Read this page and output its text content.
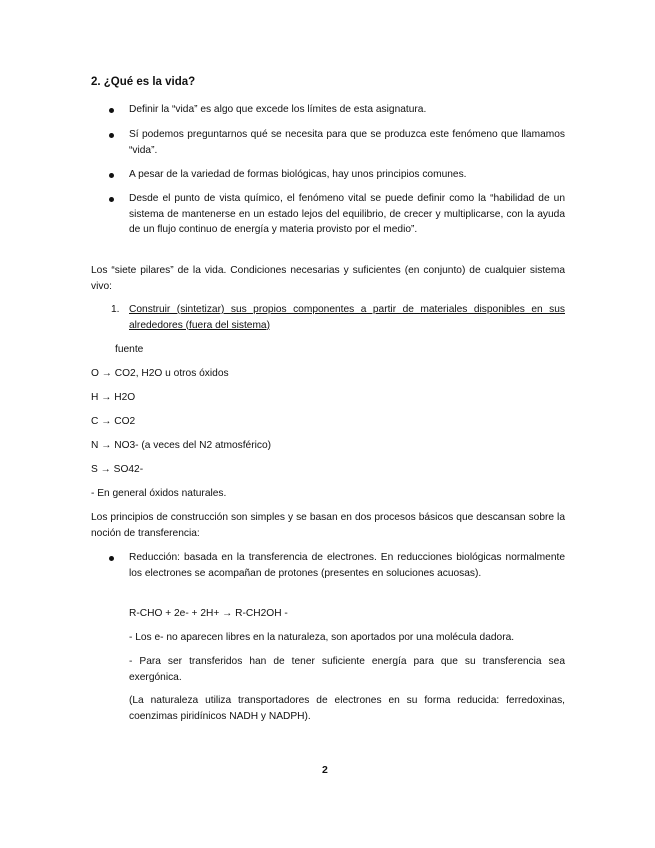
2. ¿Qué es la vida?
Definir la “vida” es algo que excede los límites de esta asignatura.
Sí podemos preguntarnos qué se necesita para que se produzca este fenómeno que llamamos “vida”.
A pesar de la variedad de formas biológicas, hay unos principios comunes.
Desde el punto de vista químico, el fenómeno vital se puede definir como la “habilidad de un sistema de mantenerse en un estado lejos del equilibrio, de crecer y multiplicarse, con la ayuda de un flujo continuo de energía y materia provisto por el medio”.
Los “siete pilares” de la vida. Condiciones necesarias y suficientes (en conjunto) de cualquier sistema vivo:
1. Construir (sintetizar) sus propios componentes a partir de materiales disponibles en sus alrededores (fuera del sistema)
fuente
O → CO2, H2O u otros óxidos
H → H2O
C → CO2
N → NO3- (a veces del N2 atmosférico)
S → SO42-
- En general óxidos naturales.
Los principios de construcción son simples y se basan en dos procesos básicos que descansan sobre la noción de transferencia:
Reducción: basada en la transferencia de electrones. En reducciones biológicas normalmente los electrones se acompañan de protones (presentes en soluciones acuosas).
R-CHO + 2e- + 2H+ → R-CH2OH -
- Los e- no aparecen libres en la naturaleza, son aportados por una molécula dadora.
- Para ser transferidos han de tener suficiente energía para que su transferencia sea exergónica.
(La naturaleza utiliza transportadores de electrones en su forma reducida: ferredoxinas, coenzimas piridínicos NADH y NADPH).
2
